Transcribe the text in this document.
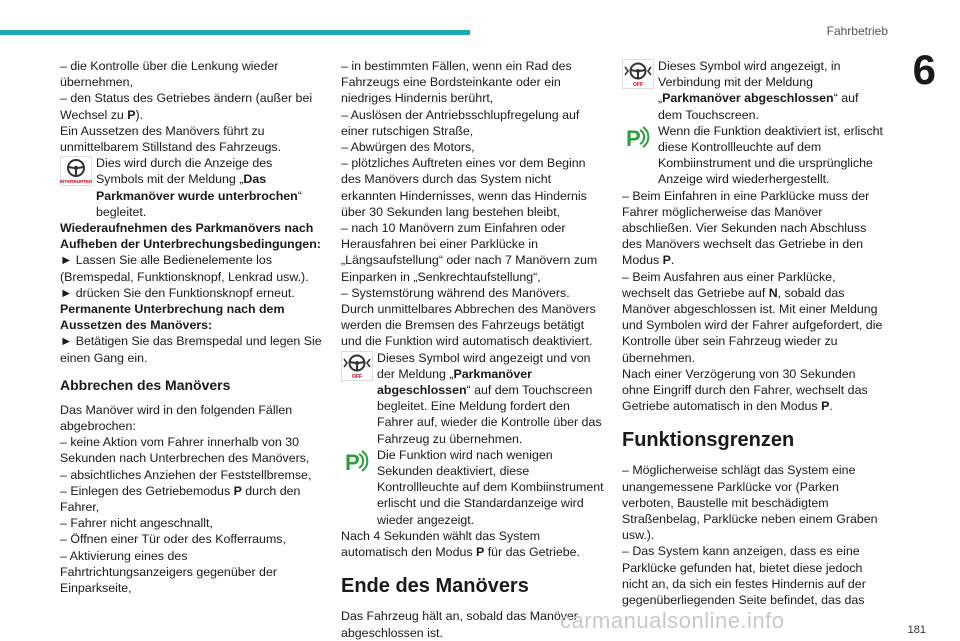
Fahrbetrieb
6

– die Kontrolle über die Lenkung wieder übernehmen,

– den Status des Getriebes ändern (außer bei Wechsel zu P).

Ein Aussetzen des Manövers führt zu unmittelbarem Stillstand des Fahrzeugs.

INTERRUPTED

Dies wird durch die Anzeige des Symbols mit der Meldung „Das Parkmanöver wurde unterbrochen“ begleitet.

Wiederaufnehmen des Parkmanövers nach Aufheben der Unterbrechungsbedingungen:

► Lassen Sie alle Bedienelemente los (Bremspedal, Funktionsknopf, Lenkrad usw.).

► drücken Sie den Funktionsknopf erneut.

Permanente Unterbrechung nach dem Aussetzen des Manövers:

► Betätigen Sie das Bremspedal und legen Sie einen Gang ein.

Abbrechen des Manövers

Das Manöver wird in den folgenden Fällen abgebrochen:

– keine Aktion vom Fahrer innerhalb von 30 Sekunden nach Unterbrechen des Manövers,

– absichtliches Anziehen der Feststellbremse,

– Einlegen des Getriebemodus P durch den Fahrer,

– Fahrer nicht angeschnallt,

– Öffnen einer Tür oder des Kofferraums,

– Aktivierung eines des Fahrtrichtungsanzeigers gegenüber der Einparkseite,

– in bestimmten Fällen, wenn ein Rad des Fahrzeugs eine Bordsteinkante oder ein niedriges Hindernis berührt,

– Auslösen der Antriebsschlupfregelung auf einer rutschigen Straße,

– Abwürgen des Motors,

– plötzliches Auftreten eines vor dem Beginn des Manövers durch das System nicht erkannten Hindernisses, wenn das Hindernis über 30 Sekunden lang bestehen bleibt,

– nach 10 Manövern zum Einfahren oder Herausfahren bei einer Parklücke in „Längsaufstellung“ oder nach 7 Manövern zum Einparken in „Senkrechtaufstellung“,

– Systemstörung während des Manövers.

Durch unmittelbares Abbrechen des Manövers werden die Bremsen des Fahrzeugs betätigt und die Funktion wird automatisch deaktiviert.

OFF

Dieses Symbol wird angezeigt und von der Meldung „Parkmanöver abgeschlossen“ auf dem Touchscreen begleitet. Eine Meldung fordert den Fahrer auf, wieder die Kontrolle über das Fahrzeug zu übernehmen.

P Die Funktion wird nach wenigen Sekunden deaktiviert, diese Kontrollleuchte auf dem Kombiinstrument erlischt und die Standardanzeige wird wieder angezeigt.

Nach 4 Sekunden wählt das System automatisch den Modus P für das Getriebe.

Ende des Manövers

Das Fahrzeug hält an, sobald das Manöver abgeschlossen ist.

OFF

Dieses Symbol wird angezeigt, in Verbindung mit der Meldung „Parkmanöver abgeschlossen“ auf dem Touchscreen.

P Wenn die Funktion deaktiviert ist, erlischt diese Kontrollleuchte auf dem Kombiinstrument und die ursprüngliche Anzeige wird wiederhergestellt.

– Beim Einfahren in eine Parklücke muss der Fahrer möglicherweise das Manöver abschließen. Vier Sekunden nach Abschluss des Manövers wechselt das Getriebe in den Modus P.

– Beim Ausfahren aus einer Parklücke, wechselt das Getriebe auf N, sobald das Manöver abgeschlossen ist. Mit einer Meldung und Symbolen wird der Fahrer aufgefordert, die Kontrolle über sein Fahrzeug wieder zu übernehmen.

Nach einer Verzögerung von 30 Sekunden ohne Eingriff durch den Fahrer, wechselt das Getriebe automatisch in den Modus P.

Funktionsgrenzen

– Möglicherweise schlägt das System eine unangemessene Parklücke vor (Parken verboten, Baustelle mit beschädigtem Straßenbelag, Parklücke neben einem Graben usw.).

– Das System kann anzeigen, dass es eine Parklücke gefunden hat, bietet diese jedoch nicht an, da sich ein festes Hindernis auf der gegenüberliegenden Seite befindet, das das

carmanualsonline.info	181
